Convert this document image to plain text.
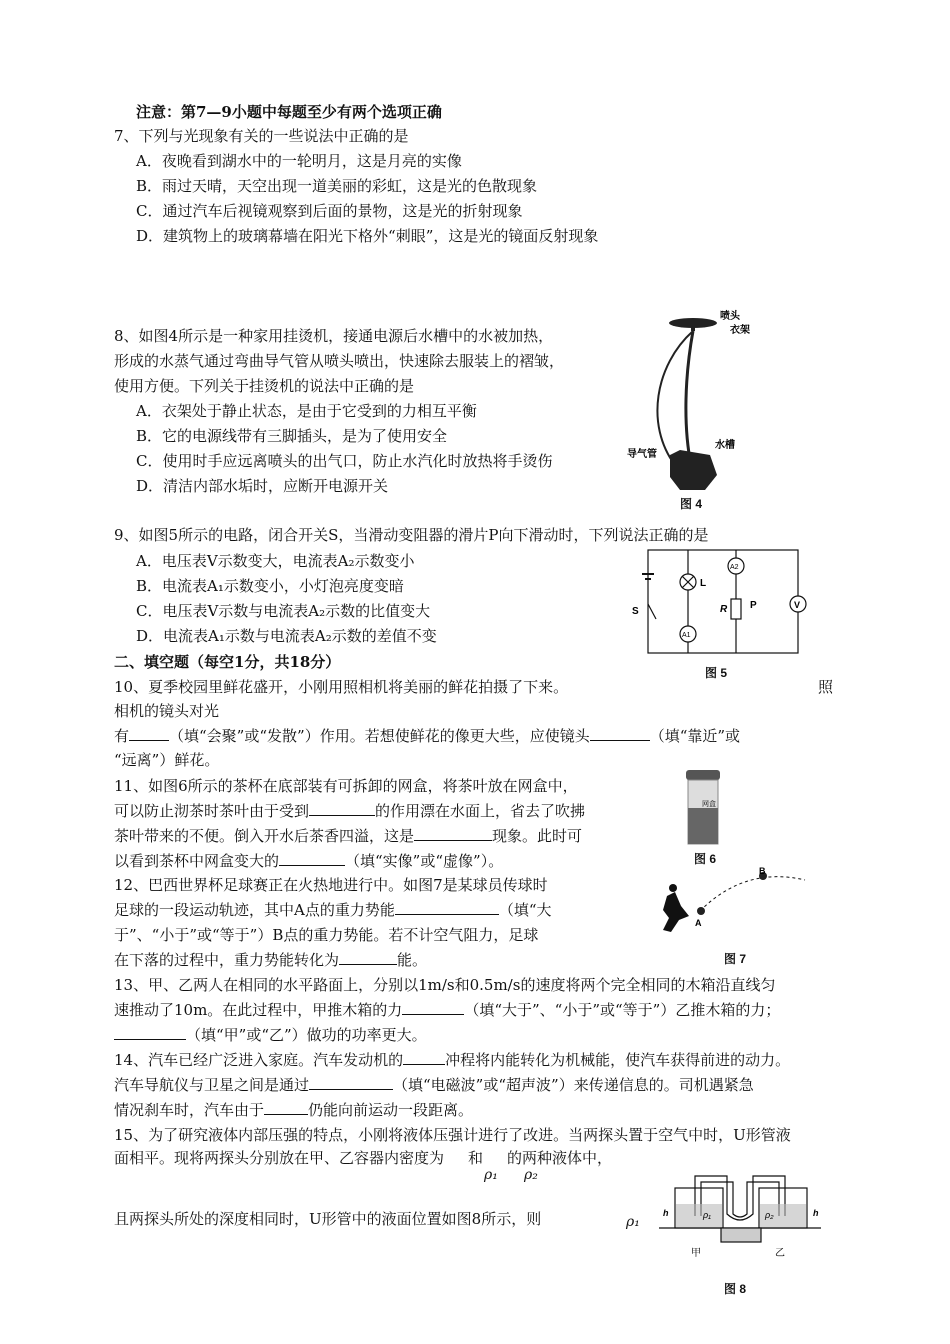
注意：第7—9小题中每题至少有两个选项正确
7、下列与光现象有关的一些说法中正确的是
A．夜晚看到湖水中的一轮明月，这是月亮的实像
B．雨过天晴，天空出现一道美丽的彩虹，这是光的色散现象
C．通过汽车后视镜观察到后面的景物，这是光的折射现象
D．建筑物上的玻璃幕墙在阳光下格外“刺眼”，这是光的镜面反射现象
8、如图4所示是一种家用挂烫机，接通电源后水槽中的水被加热，
形成的水蒸气通过弯曲导气管从喷头喷出，快速除去服装上的褶皱，
使用方便。下列关于挂烫机的说法中正确的是
A．衣架处于静止状态，是由于它受到的力相互平衡
B．它的电源线带有三脚插头，是为了使用安全
C．使用时手应远离喷头的出气口，防止水汽化时放热将手烫伤
D．清洁内部水垢时，应断开电源开关
喷头
衣架
导气管
水槽
图 4
9、如图5所示的电路，闭合开关S，当滑动变阻器的滑片P向下滑动时，下列说法正确的是
A．电压表V示数变大，电流表A₂示数变小
B．电流表A₁示数变小，小灯泡亮度变暗
C．电压表V示数与电流表A₂示数的比值变大
D．电流表A₁示数与电流表A₂示数的差值不变
L
A2
R P	V
A1
S
图 5
二、填空题（每空1分，共18分）
10、夏季校园里鲜花盛开，小刚用照相机将美丽的鲜花拍摄了下来。	照
相机的镜头对光
有	（填“会聚”或“发散”）作用。若想使鲜花的像更大些，应使镜头	（填“靠近”或
“远离”）鲜花。
11、如图6所示的茶杯在底部装有可拆卸的网盒，将茶叶放在网盒中，
可以防止沏茶时茶叶由于受到	的作用漂在水面上，省去了吹拂
茶叶带来的不便。倒入开水后茶香四溢，这是	现象。此时可
以看到茶杯中网盒变大的	（填“实像”或“虚像”）。
网盒
图 6
12、巴西世界杯足球赛正在火热地进行中。如图7是某球员传球时
足球的一段运动轨迹，其中A点的重力势能	（填“大
于”、“小于”或“等于”）B点的重力势能。若不计空气阻力，足球
在下落的过程中，重力势能转化为	能。
A
B
图 7
13、甲、乙两人在相同的水平路面上，分别以1m/s和0.5m/s的速度将两个完全相同的木箱沿直线匀
速推动了10m。在此过程中，甲推木箱的力	（填“大于”、“小于”或“等于”）乙推木箱的力；
（填“甲”或“乙”）做功的功率更大。
14、汽车已经广泛进入家庭。汽车发动机的	冲程将内能转化为机械能，使汽车获得前进的动力。
汽车导航仪与卫星之间是通过	（填“电磁波”或“超声波”）来传递信息的。司机遇紧急
情况刹车时，汽车由于	仍能向前运动一段距离。
15、为了研究液体内部压强的特点，小刚将液体压强计进行了改进。当两探头置于空气中时，U形管液
面相平。现将两探头分别放在甲、乙容器内密度为 和 的两种液体中，
ρ₁ ρ₂
且两探头所处的深度相同时，U形管中的液面位置如图8所示，则	ρ₁
h	h
ρ₁	ρ₂
甲	乙
图 8
